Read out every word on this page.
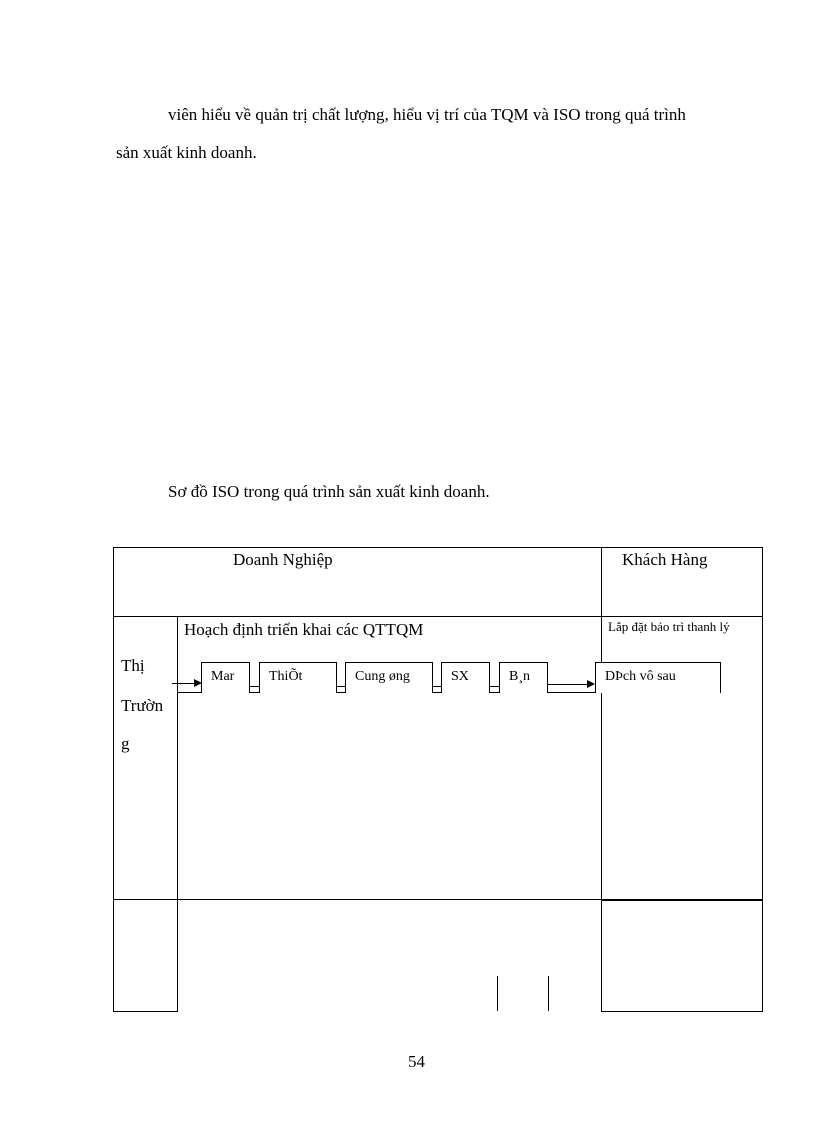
viên hiểu về quản trị chất lượng, hiểu vị trí của TQM và ISO trong quá trình
sản xuất kinh doanh.
Sơ đồ ISO trong quá trình sản xuất kinh doanh.
Doanh Nghiệp	Khách Hàng
Thị
Trườn
g
Hoạch định triển khai các QTTQM	Lắp đặt bảo trì thanh lý
Mar	ThiÕt	Cung øng	SX	B¸n	DÞch vô sau
54
